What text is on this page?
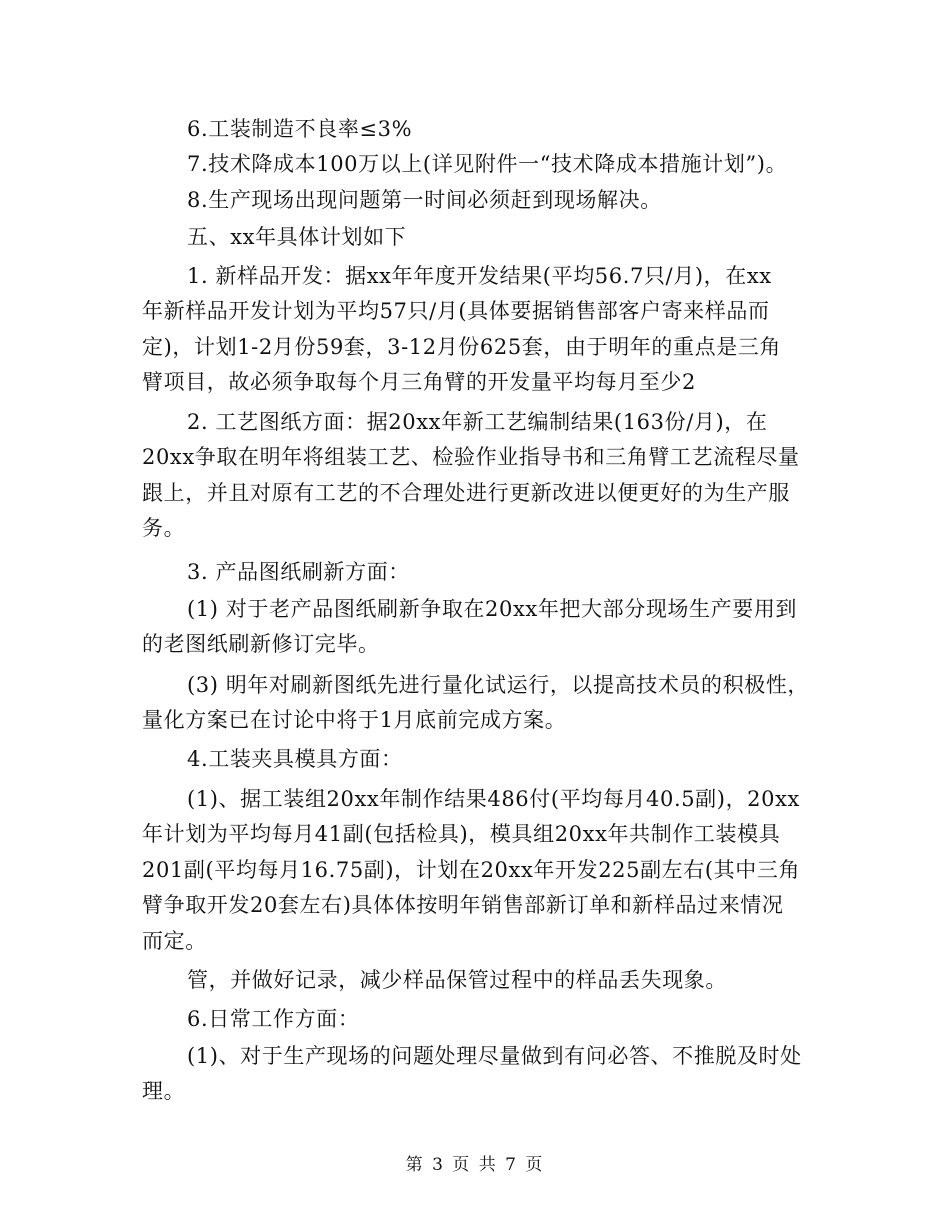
6.工装制造不良率≤3%
7.技术降成本100万以上(详见附件一“技术降成本措施计划”)。
8.生产现场出现问题第一时间必须赶到现场解决。
五、xx年具体计划如下
1. 新样品开发：据xx年年度开发结果(平均56.7只/月)，在xx
年新样品开发计划为平均57只/月(具体要据销售部客户寄来样品而
定)，计划1-2月份59套，3-12月份625套，由于明年的重点是三角
臂项目，故必须争取每个月三角臂的开发量平均每月至少2
2. 工艺图纸方面：据20xx年新工艺编制结果(163份/月)，在
20xx争取在明年将组装工艺、检验作业指导书和三角臂工艺流程尽量
跟上，并且对原有工艺的不合理处进行更新改进以便更好的为生产服
务。
3. 产品图纸刷新方面：
(1) 对于老产品图纸刷新争取在20xx年把大部分现场生产要用到
的老图纸刷新修订完毕。
(3) 明年对刷新图纸先进行量化试运行，以提高技术员的积极性，
量化方案已在讨论中将于1月底前完成方案。
4.工装夹具模具方面：
(1)、据工装组20xx年制作结果486付(平均每月40.5副)，20xx
年计划为平均每月41副(包括检具)，模具组20xx年共制作工装模具
201副(平均每月16.75副)，计划在20xx年开发225副左右(其中三角
臂争取开发20套左右)具体体按明年销售部新订单和新样品过来情况
而定。
管，并做好记录，减少样品保管过程中的样品丢失现象。
6.日常工作方面：
(1)、对于生产现场的问题处理尽量做到有问必答、不推脱及时处
理。
第 3 页 共 7 页
